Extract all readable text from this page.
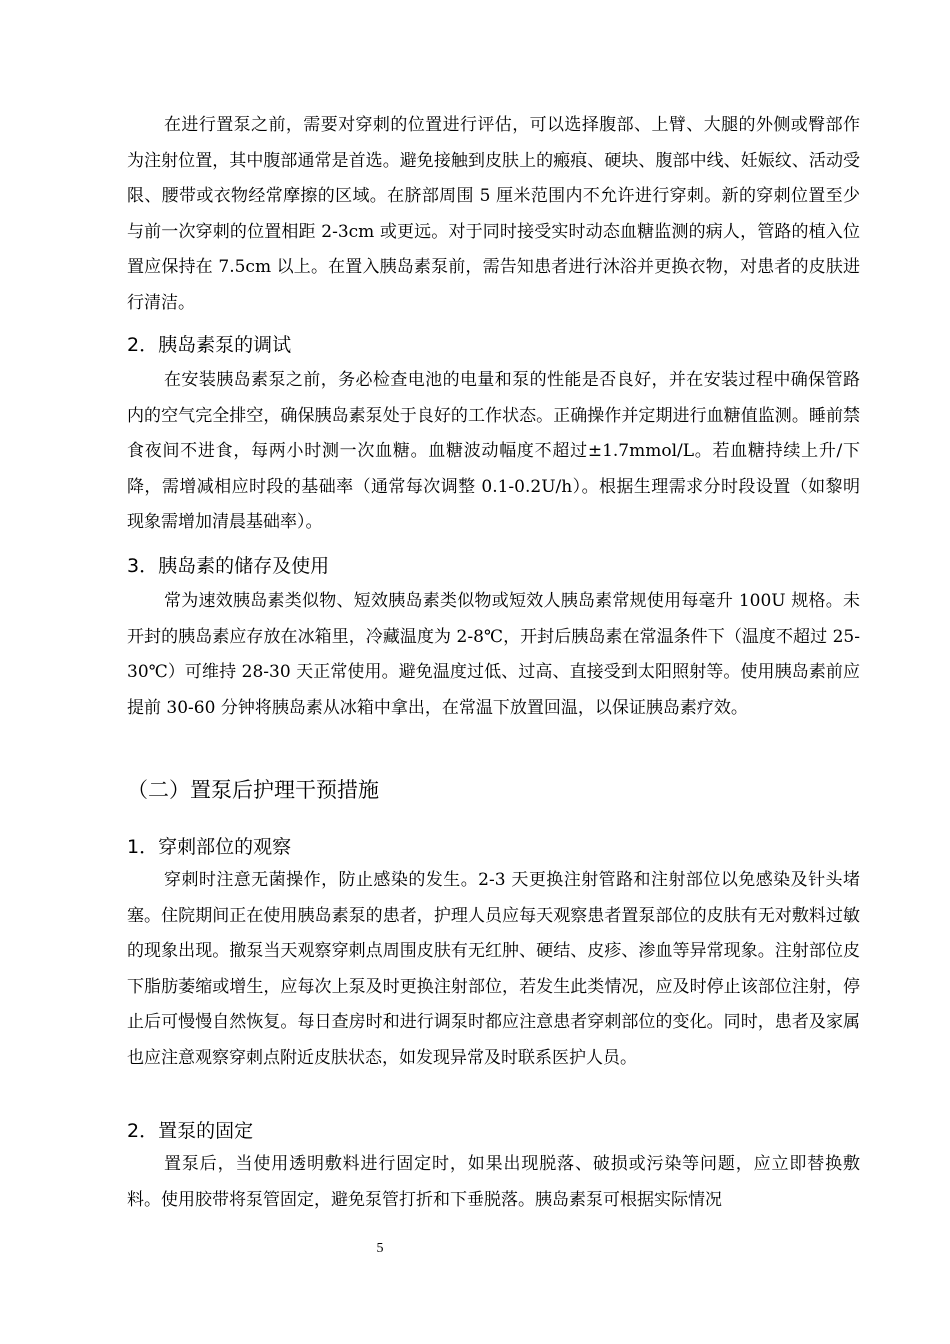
在进行置泵之前，需要对穿刺的位置进行评估，可以选择腹部、上臂、大腿的外侧或臀部作为注射位置，其中腹部通常是首选。避免接触到皮肤上的瘢痕、硬块、腹部中线、妊娠纹、活动受限、腰带或衣物经常摩擦的区域。在脐部周围 5 厘米范围内不允许进行穿刺。新的穿刺位置至少与前一次穿刺的位置相距 2-3cm 或更远。对于同时接受实时动态血糖监测的病人，管路的植入位置应保持在 7.5cm 以上。在置入胰岛素泵前，需告知患者进行沐浴并更换衣物，对患者的皮肤进行清洁。

2．胰岛素泵的调试

在安装胰岛素泵之前，务必检查电池的电量和泵的性能是否良好，并在安装过程中确保管路内的空气完全排空，确保胰岛素泵处于良好的工作状态。正确操作并定期进行血糖值监测。睡前禁食夜间不进食，每两小时测一次血糖。血糖波动幅度不超过±1.7mmol/L。若血糖持续上升/下降，需增减相应时段的基础率（通常每次调整 0.1-0.2U/h）。根据生理需求分时段设置（如黎明现象需增加清晨基础率）。

3．胰岛素的储存及使用

常为速效胰岛素类似物、短效胰岛素类似物或短效人胰岛素常规使用每毫升 100U 规格。未开封的胰岛素应存放在冰箱里，冷藏温度为 2-8℃，开封后胰岛素在常温条件下（温度不超过 25-30℃）可维持 28-30 天正常使用。避免温度过低、过高、直接受到太阳照射等。使用胰岛素前应提前 30-60 分钟将胰岛素从冰箱中拿出，在常温下放置回温，以保证胰岛素疗效。

（二）置泵后护理干预措施
1．穿刺部位的观察

穿刺时注意无菌操作，防止感染的发生。2-3 天更换注射管路和注射部位以免感染及针头堵塞。住院期间正在使用胰岛素泵的患者，护理人员应每天观察患者置泵部位的皮肤有无对敷料过敏的现象出现。撤泵当天观察穿刺点周围皮肤有无红肿、硬结、皮疹、渗血等异常现象。注射部位皮下脂肪萎缩或增生，应每次上泵及时更换注射部位，若发生此类情况，应及时停止该部位注射，停止后可慢慢自然恢复。每日查房时和进行调泵时都应注意患者穿刺部位的变化。同时，患者及家属也应注意观察穿刺点附近皮肤状态，如发现异常及时联系医护人员。

2．置泵的固定

置泵后，当使用透明敷料进行固定时，如果出现脱落、破损或污染等问题，应立即替换敷料。使用胶带将泵管固定，避免泵管打折和下垂脱落。胰岛素泵可根据实际情况

5
